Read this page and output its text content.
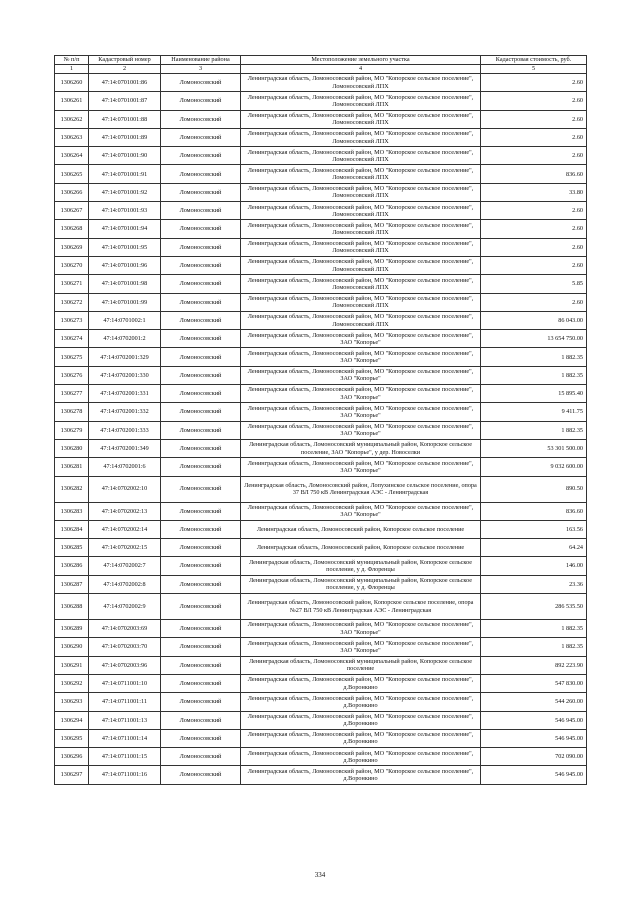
№ п/п	Кадастровый номер	Наименование района	Местоположение земельного участка	Кадастровая стоимость, руб.
1	2	3	4	5
1306260	47:14:0701001:86	Ломоносовский	Ленинградская область, Ломоносовский район, МО "Копорское сельское поселение", Ломоносовский ЛПХ	2.60
1306261	47:14:0701001:87	Ломоносовский	Ленинградская область, Ломоносовский район, МО "Копорское сельское поселение", Ломоносовский ЛПХ	2.60
1306262	47:14:0701001:88	Ломоносовский	Ленинградская область, Ломоносовский район, МО "Копорское сельское поселение", Ломоносовский ЛПХ	2.60
1306263	47:14:0701001:89	Ломоносовский	Ленинградская область, Ломоносовский район, МО "Копорское сельское поселение", Ломоносовский ЛПХ	2.60
1306264	47:14:0701001:90	Ломоносовский	Ленинградская область, Ломоносовский район, МО "Копорское сельское поселение", Ломоносовский ЛПХ	2.60
1306265	47:14:0701001:91	Ломоносовский	Ленинградская область, Ломоносовский район, МО "Копорское сельское поселение", Ломоносовский ЛПХ	836.60
1306266	47:14:0701001:92	Ломоносовский	Ленинградская область, Ломоносовский район, МО "Копорское сельское поселение", Ломоносовский ЛПХ	33.80
1306267	47:14:0701001:93	Ломоносовский	Ленинградская область, Ломоносовский район, МО "Копорское сельское поселение", Ломоносовский ЛПХ	2.60
1306268	47:14:0701001:94	Ломоносовский	Ленинградская область, Ломоносовский район, МО "Копорское сельское поселение", Ломоносовский ЛПХ	2.60
1306269	47:14:0701001:95	Ломоносовский	Ленинградская область, Ломоносовский район, МО "Копорское сельское поселение", Ломоносовский ЛПХ	2.60
1306270	47:14:0701001:96	Ломоносовский	Ленинградская область, Ломоносовский район, МО "Копорское сельское поселение", Ломоносовский ЛПХ	2.60
1306271	47:14:0701001:98	Ломоносовский	Ленинградская область, Ломоносовский район, МО "Копорское сельское поселение", Ломоносовский ЛПХ	5.85
1306272	47:14:0701001:99	Ломоносовский	Ленинградская область, Ломоносовский район, МО "Копорское сельское поселение", Ломоносовский ЛПХ	2.60
1306273	47:14:0701002:1	Ломоносовский	Ленинградская область, Ломоносовский район, МО "Копорское сельское поселение", Ломоносовский ЛПХ	86 043.00
1306274	47:14:0702001:2	Ломоносовский	Ленинградская область, Ломоносовский район, МО "Копорское сельское поселение", ЗАО "Копорье"	13 654 750.00
1306275	47:14:0702001:329	Ломоносовский	Ленинградская область, Ломоносовский район, МО "Копорское сельское поселение", ЗАО "Копорье"	1 882.35
1306276	47:14:0702001:330	Ломоносовский	Ленинградская область, Ломоносовский район, МО "Копорское сельское поселение", ЗАО "Копорье"	1 882.35
1306277	47:14:0702001:331	Ломоносовский	Ленинградская область, Ломоносовский район, МО "Копорское сельское поселение", ЗАО "Копорье"	15 895.40
1306278	47:14:0702001:332	Ломоносовский	Ленинградская область, Ломоносовский район, МО "Копорское сельское поселение", ЗАО "Копорье"	9 411.75
1306279	47:14:0702001:333	Ломоносовский	Ленинградская область, Ломоносовский район, МО "Копорское сельское поселение", ЗАО "Копорье"	1 882.35
1306280	47:14:0702001:349	Ломоносовский	Ленинградская область, Ломоносовский муниципальный район, Копорское сельское поселение, ЗАО "Копорье", у дер. Новоселки	53 301 500.00
1306281	47:14:0702001:6	Ломоносовский	Ленинградская область, Ломоносовский район, МО "Копорское сельское поселение", ЗАО "Копорье"	9 032 600.00
1306282	47:14:0702002:10	Ломоносовский	Ленинградская область, Ломоносовский район, Лопухинское сельское поселение, опора 37 ВЛ 750 кВ Ленинградская АЭС - Ленинградская	890.50
1306283	47:14:0702002:13	Ломоносовский	Ленинградская область, Ломоносовский район, МО "Копорское сельское поселение", ЗАО "Копорье"	836.60
1306284	47:14:0702002:14	Ломоносовский	Ленинградская область, Ломоносовский район, Копорское сельское поселение	163.56
1306285	47:14:0702002:15	Ломоносовский	Ленинградская область, Ломоносовский район, Копорское сельское поселение	64.24
1306286	47:14:0702002:7	Ломоносовский	Ленинградская область, Ломоносовский муниципальный район, Копорское сельское поселение, у д. Флоренцы	146.00
1306287	47:14:0702002:8	Ломоносовский	Ленинградская область, Ломоносовский муниципальный район, Копорское сельское поселение, у д. Флоренцы	23.36
1306288	47:14:0702002:9	Ломоносовский	Ленинградская область, Ломоносовский район, Копорское сельское поселение, опора №27 ВЛ 750 кВ Ленинградская АЭС - Ленинградская	286 535.50
1306289	47:14:0702003:69	Ломоносовский	Ленинградская область, Ломоносовский район, МО "Копорское сельское поселение", ЗАО "Копорье"	1 882.35
1306290	47:14:0702003:70	Ломоносовский	Ленинградская область, Ломоносовский район, МО "Копорское сельское поселение", ЗАО "Копорье"	1 882.35
1306291	47:14:0702003:96	Ломоносовский	Ленинградская область, Ломоносовский муниципальный район, Копорское сельское поселение	892 223.90
1306292	47:14:0711001:10	Ломоносовский	Ленинградская область, Ломоносовский район, МО "Копорское сельское поселение", д.Воронкино	547 830.00
1306293	47:14:0711001:11	Ломоносовский	Ленинградская область, Ломоносовский район, МО "Копорское сельское поселение", д.Воронкино	544 260.00
1306294	47:14:0711001:13	Ломоносовский	Ленинградская область, Ломоносовский район, МО "Копорское сельское поселение", д.Воронкино	546 945.00
1306295	47:14:0711001:14	Ломоносовский	Ленинградская область, Ломоносовский район, МО "Копорское сельское поселение", д.Воронкино	546 945.00
1306296	47:14:0711001:15	Ломоносовский	Ленинградская область, Ломоносовский район, МО "Копорское сельское поселение", д.Воронкино	702 090.00
1306297	47:14:0711001:16	Ломоносовский	Ленинградская область, Ломоносовский район, МО "Копорское сельское поселение", д.Воронкино	546 945.00
334
